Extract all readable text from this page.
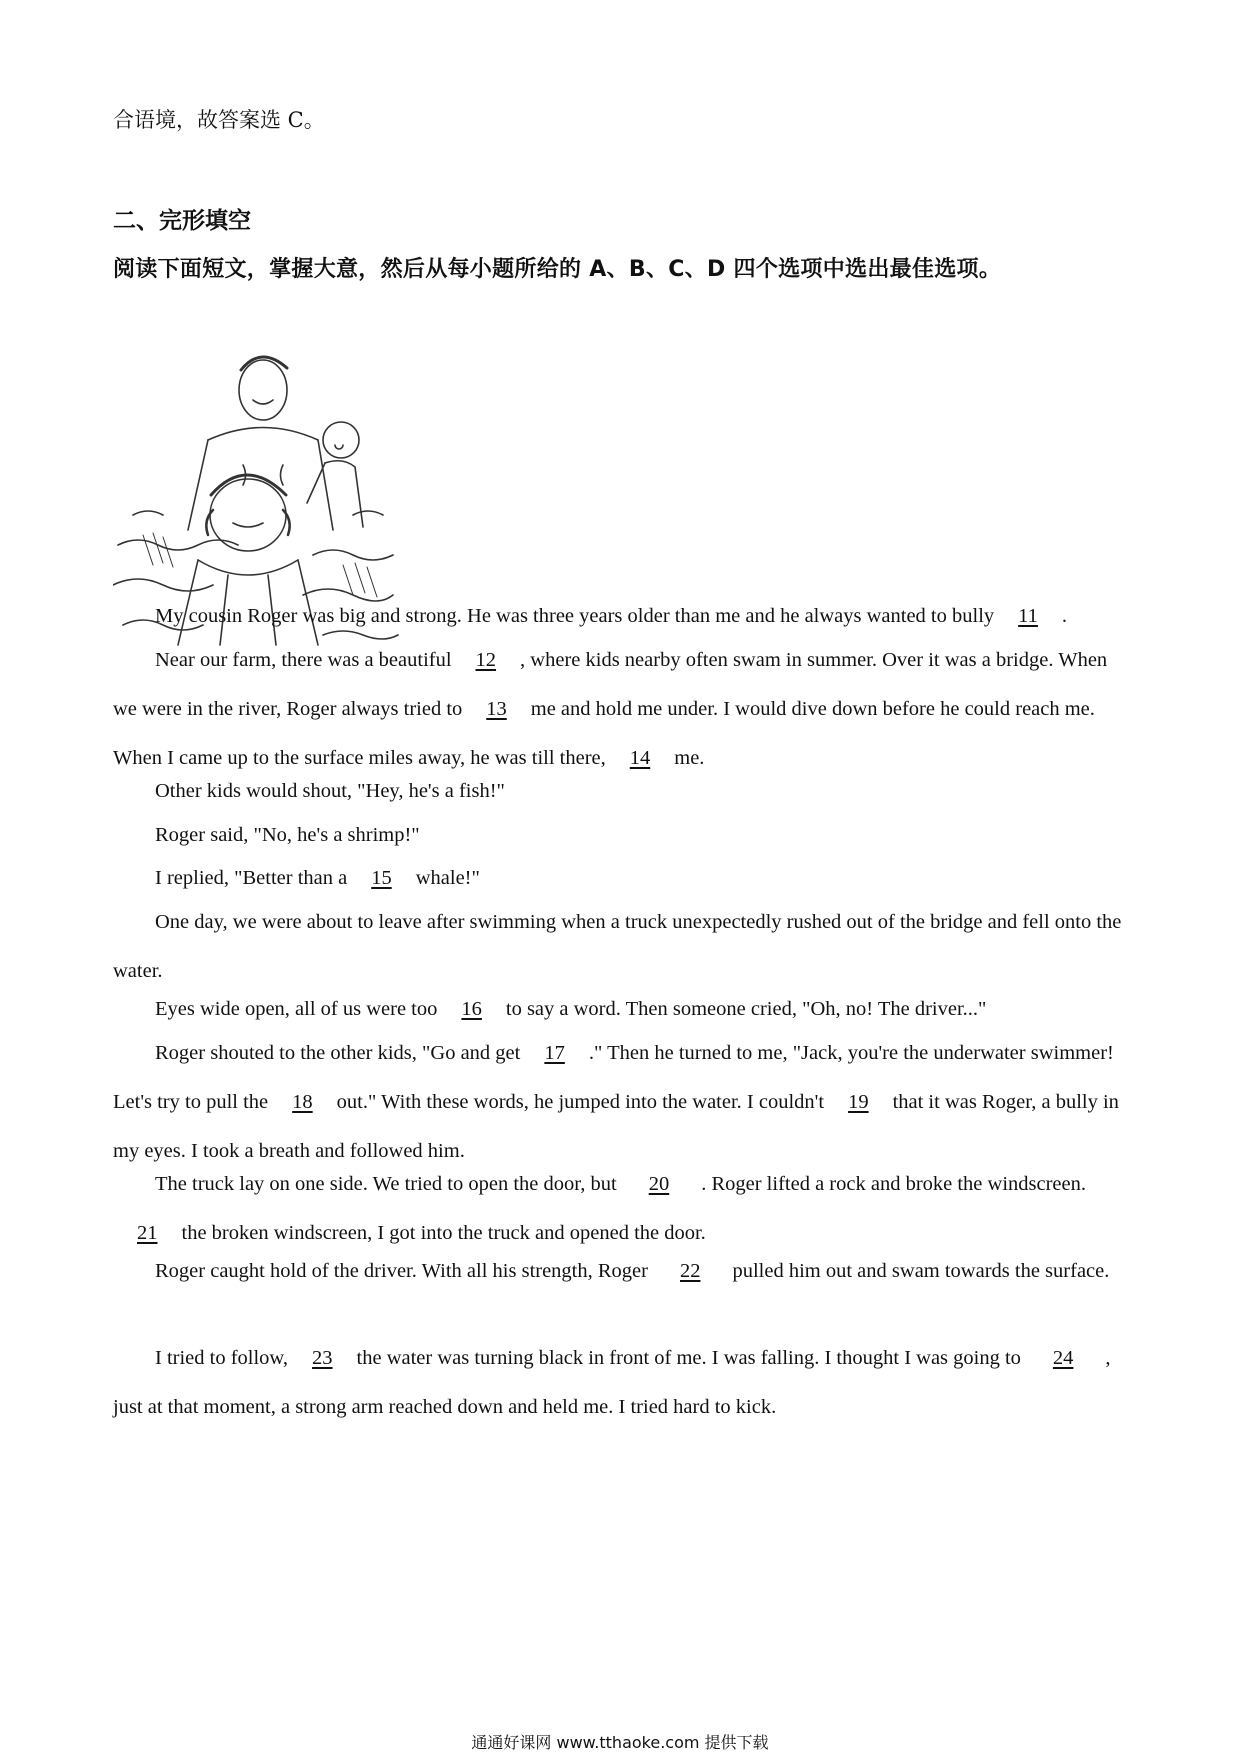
合语境，故答案选 C。
二、完形填空
阅读下面短文，掌握大意，然后从每小题所给的 A、B、C、D 四个选项中选出最佳选项。

My cousin Roger was big and strong. He was three years older than me and he always wanted to bully 11 .

Near our farm, there was a beautiful 12 , where kids nearby often swam in summer. Over it was a bridge. When we were in the river, Roger always tried to 13 me and hold me under. I would dive down before he could reach me. When I came up to the surface miles away, he was till there, 14 me.

Other kids would shout, "Hey, he's a fish!"

Roger said, "No, he's a shrimp!"

I replied, "Better than a 15 whale!"

One day, we were about to leave after swimming when a truck unexpectedly rushed out of the bridge and fell onto the water.

Eyes wide open, all of us were too 16 to say a word. Then someone cried, "Oh, no! The driver..."

Roger shouted to the other kids, "Go and get 17 ." Then he turned to me, "Jack, you're the underwater swimmer! Let's try to pull the 18 out." With these words, he jumped into the water. I couldn't 19 that it was Roger, a bully in my eyes. I took a breath and followed him.

The truck lay on one side. We tried to open the door, but 20 . Roger lifted a rock and broke the windscreen.21 the broken windscreen, I got into the truck and opened the door.

Roger caught hold of the driver. With all his strength, Roger 22 pulled him out and swam towards the surface.

I tried to follow, 23 the water was turning black in front of me. I was falling. I thought I was going to 24 , just at that moment, a strong arm reached down and held me. I tried hard to kick.

通通好课网 www.tthaoke.com 提供下载
